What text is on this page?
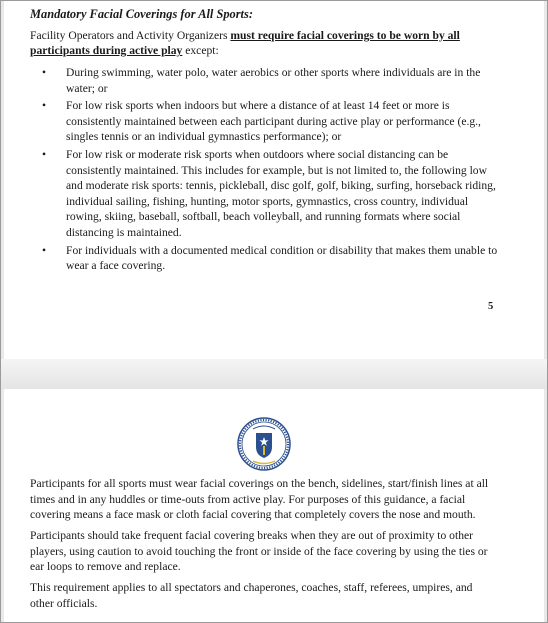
Mandatory Facial Coverings for All Sports:

Facility Operators and Activity Organizers must require facial coverings to be worn by all participants during active play except:

• During swimming, water polo, water aerobics or other sports where individuals are in the water; or
• For low risk sports when indoors but where a distance of at least 14 feet or more is consistently maintained between each participant during active play or performance (e.g., singles tennis or an individual gymnastics performance); or
• For low risk or moderate risk sports when outdoors where social distancing can be consistently maintained. This includes for example, but is not limited to, the following low and moderate risk sports: tennis, pickleball, disc golf, golf, biking, surfing, horseback riding, individual sailing, fishing, hunting, motor sports, gymnastics, cross country, individual rowing, skiing, baseball, softball, beach volleyball, and running formats where social distancing is maintained.
• For individuals with a documented medical condition or disability that makes them unable to wear a face covering.
5

Participants for all sports must wear facial coverings on the bench, sidelines, start/finish lines at all times and in any huddles or time-outs from active play. For purposes of this guidance, a facial covering means a face mask or cloth facial covering that completely covers the nose and mouth.

Participants should take frequent facial covering breaks when they are out of proximity to other players, using caution to avoid touching the front or inside of the face covering by using the ties or ear loops to remove and replace.

This requirement applies to all spectators and chaperones, coaches, staff, referees, umpires, and other officials.
